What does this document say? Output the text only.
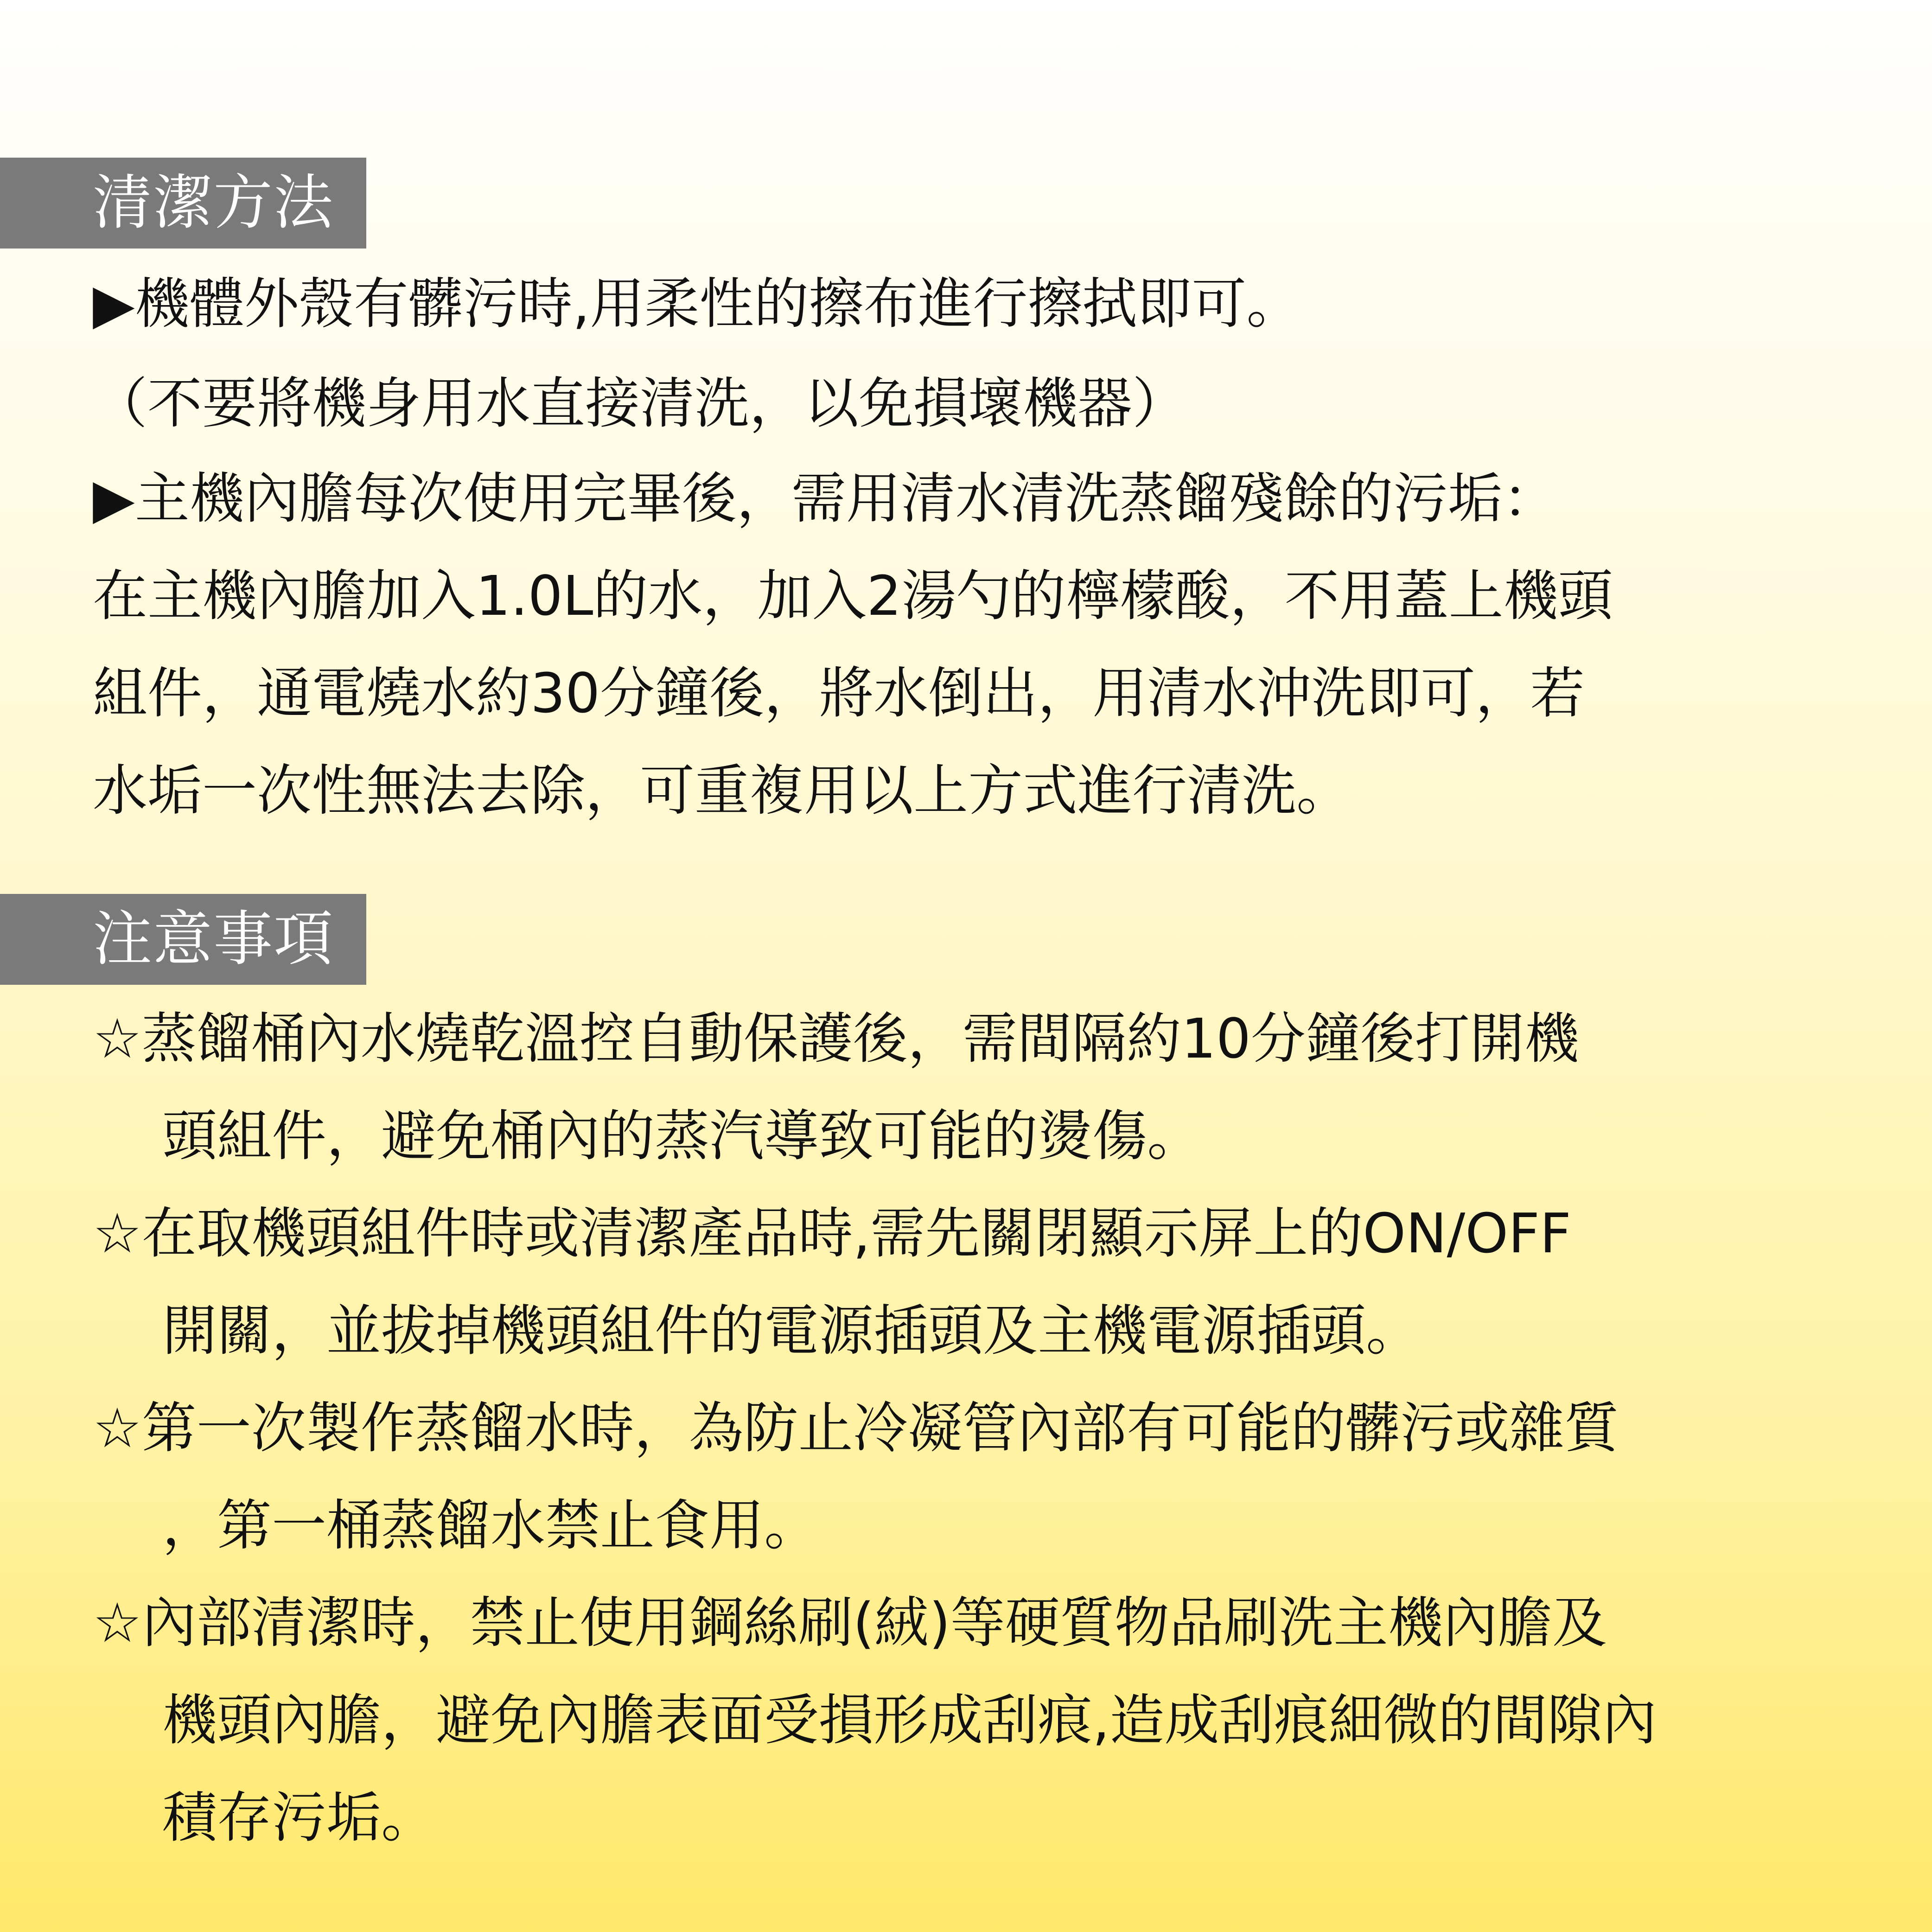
清潔方法
▶機體外殼有髒污時,用柔性的擦布進行擦拭即可。
（不要將機身用水直接清洗，以免損壞機器）
▶主機內膽每次使用完畢後，需用清水清洗蒸餾殘餘的污垢：
在主機內膽加入1.0L的水，加入2湯勺的檸檬酸，不用蓋上機頭
組件，通電燒水約30分鐘後，將水倒出，用清水沖洗即可，若
水垢一次性無法去除，可重複用以上方式進行清洗。
注意事項
☆蒸餾桶內水燒乾溫控自動保護後，需間隔約10分鐘後打開機
頭組件，避免桶內的蒸汽導致可能的燙傷。
☆在取機頭組件時或清潔產品時,需先關閉顯示屏上的ON/OFF
開關，並拔掉機頭組件的電源插頭及主機電源插頭。
☆第一次製作蒸餾水時，為防止冷凝管內部有可能的髒污或雜質
，第一桶蒸餾水禁止食用。
☆內部清潔時，禁止使用鋼絲刷(絨)等硬質物品刷洗主機內膽及
機頭內膽，避免內膽表面受損形成刮痕,造成刮痕細微的間隙內
積存污垢。
